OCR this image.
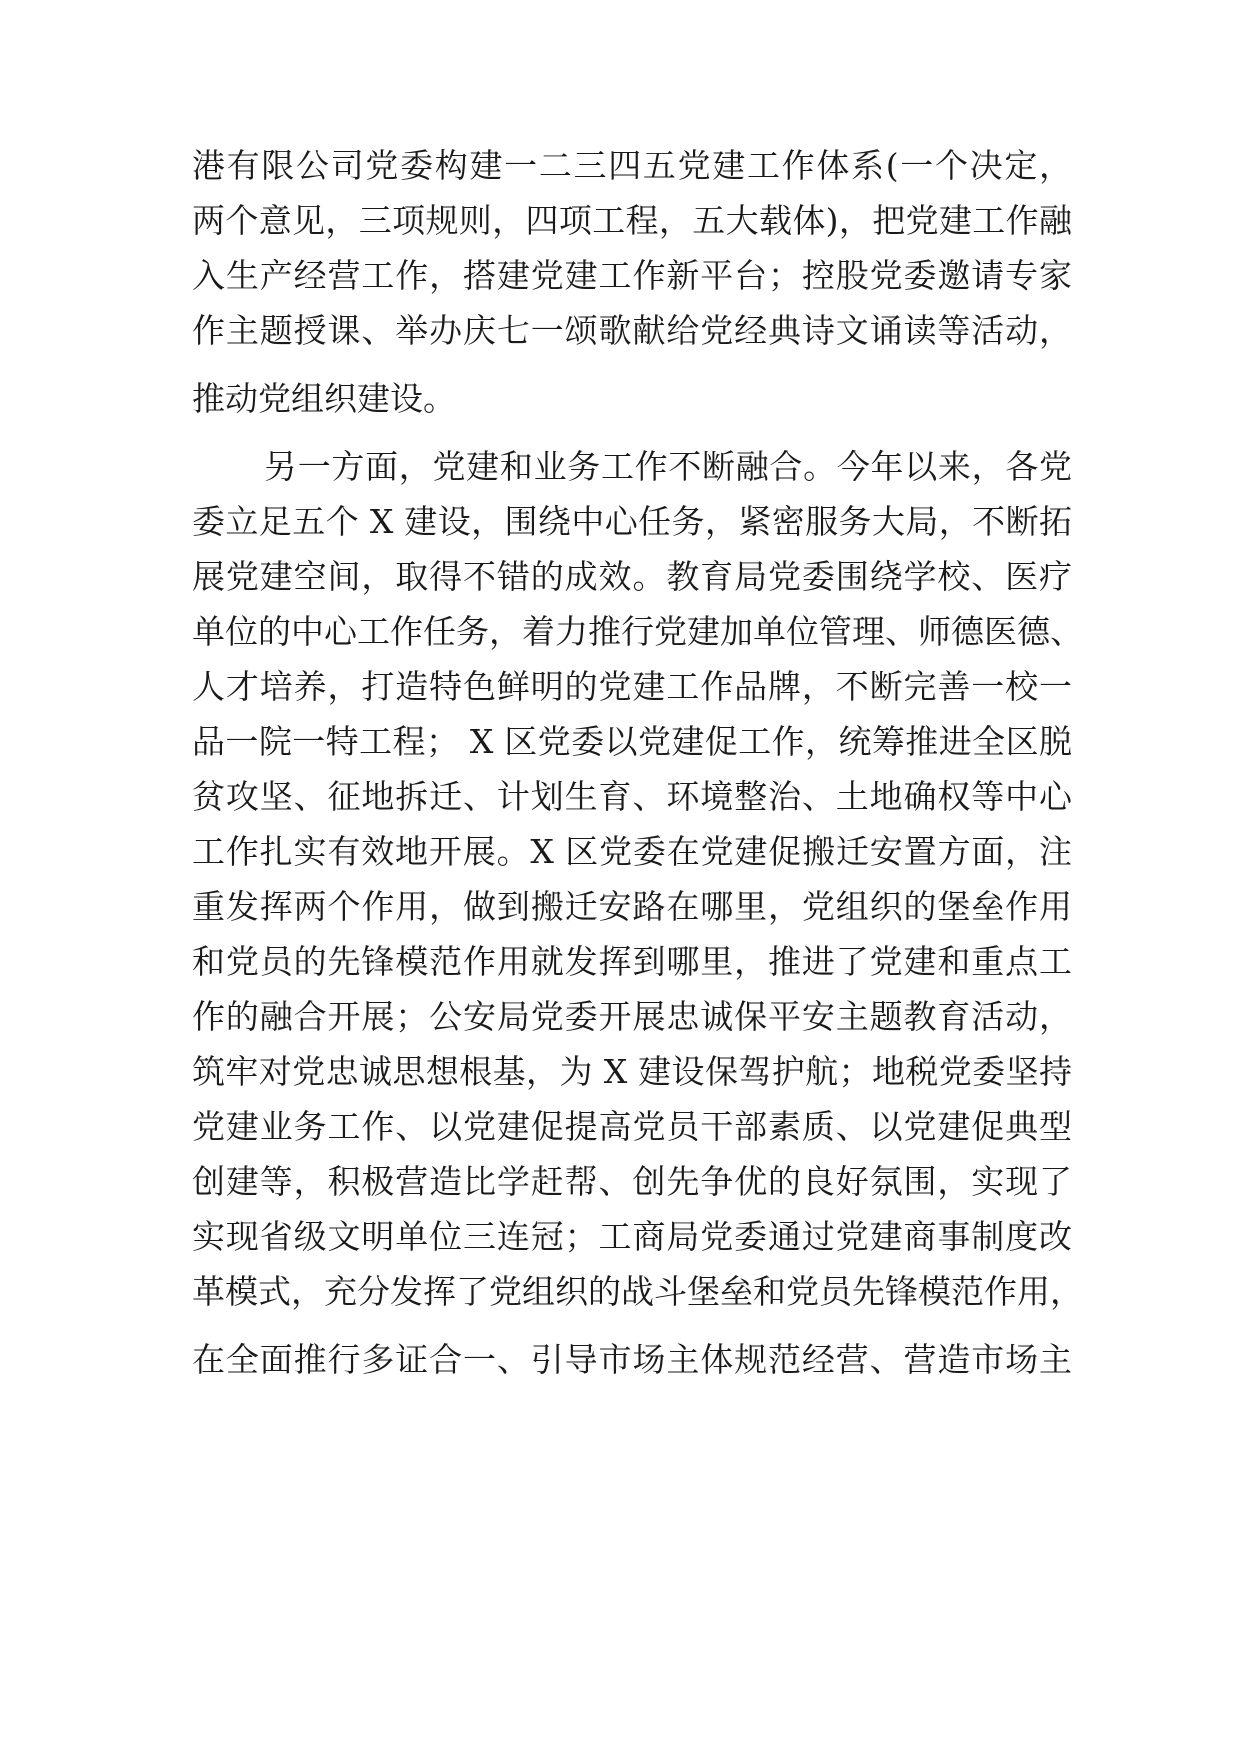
港有限公司党委构建一二三四五党建工作体系(一个决定，
两个意见，三项规则，四项工程，五大载体)，把党建工作融
入生产经营工作，搭建党建工作新平台；控股党委邀请专家
作主题授课、举办庆七一颂歌献给党经典诗文诵读等活动，
推动党组织建设。
另一方面，党建和业务工作不断融合。今年以来，各党
委立足五个 X 建设，围绕中心任务，紧密服务大局，不断拓
展党建空间，取得不错的成效。教育局党委围绕学校、医疗
单位的中心工作任务，着力推行党建加单位管理、师德医德、
人才培养，打造特色鲜明的党建工作品牌，不断完善一校一
品一院一特工程； X 区党委以党建促工作，统筹推进全区脱
贫攻坚、征地拆迁、计划生育、环境整治、土地确权等中心
工作扎实有效地开展。X 区党委在党建促搬迁安置方面，注
重发挥两个作用，做到搬迁安路在哪里，党组织的堡垒作用
和党员的先锋模范作用就发挥到哪里，推进了党建和重点工
作的融合开展；公安局党委开展忠诚保平安主题教育活动，
筑牢对党忠诚思想根基，为 X 建设保驾护航；地税党委坚持
党建业务工作、以党建促提高党员干部素质、以党建促典型
创建等，积极营造比学赶帮、创先争优的良好氛围，实现了
实现省级文明单位三连冠；工商局党委通过党建商事制度改
革模式，充分发挥了党组织的战斗堡垒和党员先锋模范作用，
在全面推行多证合一、引导市场主体规范经营、营造市场主
